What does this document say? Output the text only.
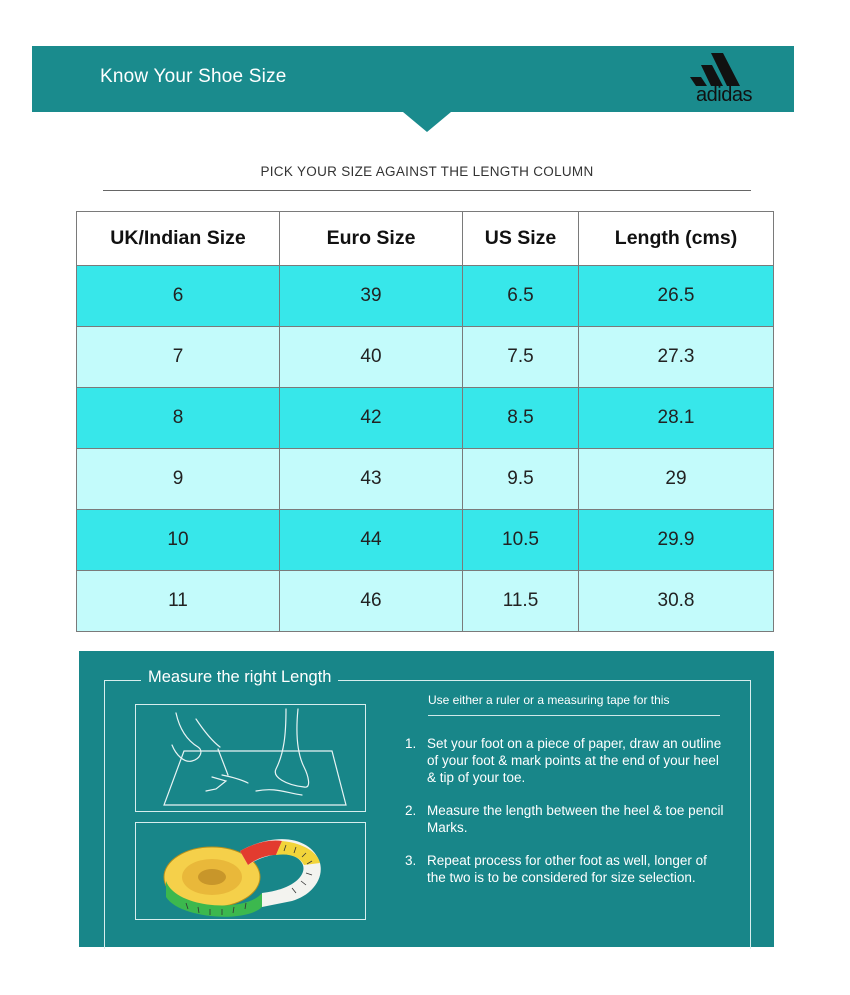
Know Your Shoe Size
adidas
PICK YOUR SIZE AGAINST THE LENGTH COLUMN
UK/Indian Size	Euro Size	US Size	Length (cms)
6	39	6.5	26.5
7	40	7.5	27.3
8	42	8.5	28.1
9	43	9.5	29
10	44	10.5	29.9
11	46	11.5	30.8
Measure the right Length
Use either a ruler or a measuring tape for this
1. Set your foot on a piece of paper, draw an outline of your foot & mark points at the end of your heel & tip of your toe.
2. Measure the length between the heel & toe pencil Marks.
3. Repeat process for other foot as well, longer of the two is to be considered for size selection.
